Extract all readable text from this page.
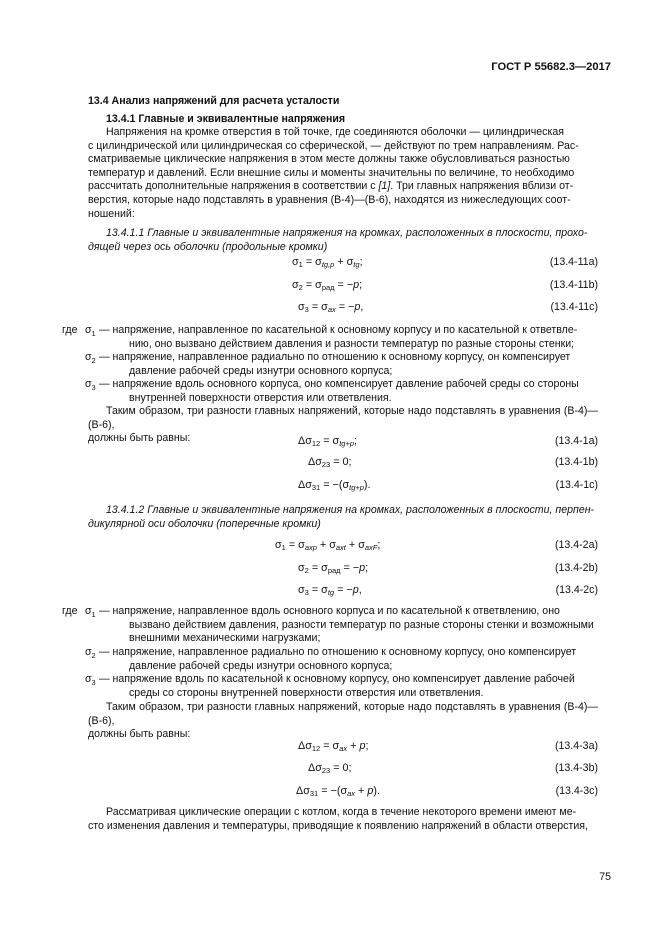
ГОСТ Р 55682.3—2017
13.4 Анализ напряжений для расчета усталости
13.4.1 Главные и эквивалентные напряжения
Напряжения на кромке отверстия в той точке, где соединяются оболочки — цилиндрическая
с цилиндрической или цилиндрическая со сферической, — действуют по трем направлениям. Рас-
сматриваемые циклические напряжения в этом месте должны также обусловливаться разностью
температур и давлений. Если внешние силы и моменты значительны по величине, то необходимо
рассчитать дополнительные напряжения в соответствии с [1]. Три главных напряжения вблизи от-
верстия, которые надо подставлять в уравнения (B-4)—(B-6), находятся из нижеследующих соот-
ношений:
13.4.1.1 Главные и эквивалентные напряжения на кромках, расположенных в плоскости, прохо-
дящей через ось оболочки (продольные кромки)
$\sigma_1 = \sigma_{tg,p} + \sigma_{tg}$;	(13.4-11a)
$\sigma_2 = \sigma_{рад} = -p$;	(13.4-11b)
$\sigma_3 = \sigma_{ax} = -p$,	(13.4-11c)
где $\sigma_1$ — напряжение, направленное по касательной к основному корпусу и по касательной к ответвле-
нию, оно вызвано действием давления и разности температур по разные стороны стенки;
$\sigma_2$ — напряжение, направленное радиально по отношению к основному корпусу, он компенсирует
давление рабочей среды изнутри основного корпуса;
$\sigma_3$ — напряжение вдоль основного корпуса, оно компенсирует давление рабочей среды со стороны
внутренней поверхности отверстия или ответвления.
Таким образом, три разности главных напряжений, которые надо подставлять в уравнения (B-4)—(B-6),
должны быть равны:	$\Delta\sigma_{12} = \sigma_{tg+p}$;	(13.4-1a)
$\Delta\sigma_{23} = 0$;	(13.4-1b)
$\Delta\sigma_{31} = -(\sigma_{tg+p})$.	(13.4-1c)
13.4.1.2 Главные и эквивалентные напряжения на кромках, расположенных в плоскости, перпен-
дикулярной оси оболочки (поперечные кромки)
$\sigma_1 = \sigma_{axp} + \sigma_{axt} + \sigma_{axF}$;	(13.4-2a)
$\sigma_2 = \sigma_{рад} = -p$;	(13.4-2b)
$\sigma_3 = \sigma_{tg} = -p$,	(13.4-2c)
где $\sigma_1$ — напряжение, направленное вдоль основного корпуса и по касательной к ответвлению, оно
вызвано действием давления, разности температур по разные стороны стенки и возможными
внешними механическими нагрузками;
$\sigma_2$ — напряжение, направленное радиально по отношению к основному корпусу, оно компенсирует
давление рабочей среды изнутри основного корпуса;
$\sigma_3$ — напряжение вдоль по касательной к основному корпусу, оно компенсирует давление рабочей
среды со стороны внутренней поверхности отверстия или ответвления.
Таким образом, три разности главных напряжений, которые надо подставлять в уравнения (B-4)—(B-6),
должны быть равны:
$\Delta\sigma_{12} = \sigma_{ax} + p$;	(13.4-3a)
$\Delta\sigma_{23} = 0$;	(13.4-3b)
$\Delta\sigma_{31} = -(\sigma_{ax} + p)$.	(13.4-3c)
Рассматривая циклические операции с котлом, когда в течение некоторого времени имеют ме-
сто изменения давления и температуры, приводящие к появлению напряжений в области отверстия,
75
